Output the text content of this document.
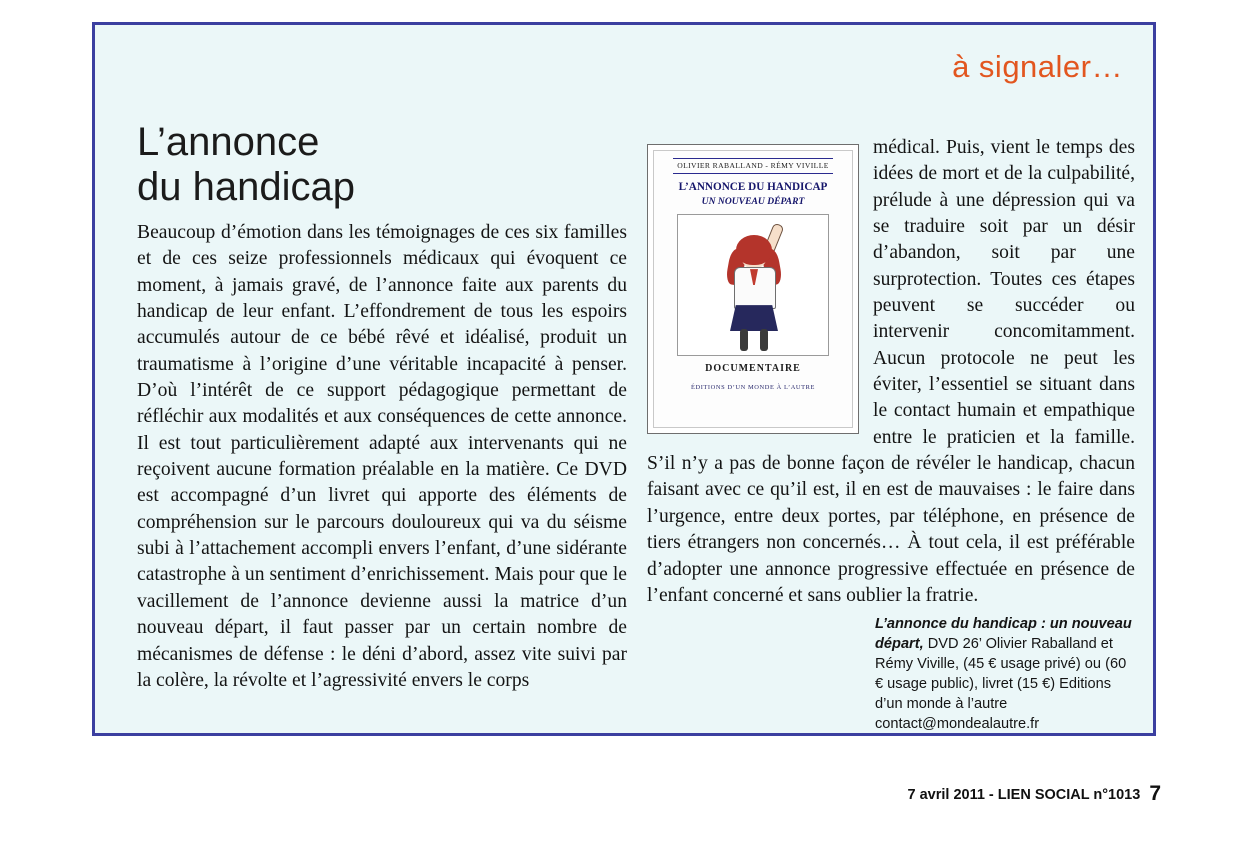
à signaler…
L’annonce
du handicap

Beaucoup d’émotion dans les témoignages de ces six familles et de ces seize professionnels médicaux qui évoquent ce moment, à jamais gravé, de l’annonce faite aux parents du handicap de leur enfant. L’effondrement de tous les espoirs accumulés autour de ce bébé rêvé et idéalisé, produit un traumatisme à l’origine d’une véritable incapacité à penser. D’où l’intérêt de ce support pédagogique permettant de réfléchir aux modalités et aux conséquences de cette annonce. Il est tout particulièrement adapté aux intervenants qui ne reçoivent aucune formation préalable en la matière. Ce DVD est accompagné d’un livret qui apporte des éléments de compréhension sur le parcours douloureux qui va du séisme subi à l’attachement accompli envers l’enfant, d’une sidérante catastrophe à un sentiment d’enrichissement. Mais pour que le vacillement de l’annonce devienne aussi la matrice d’un nouveau départ, il faut passer par un certain nombre de mécanismes de défense : le déni d’abord, assez vite suivi par la colère, la révolte et l’agressivité envers le corps

OLIVIER RABALLAND - RÉMY VIVILLE
L’ANNONCE DU HANDICAP
UN NOUVEAU DÉPART
DOCUMENTAIRE
ÉDITIONS D’UN MONDE À L’AUTRE

médical. Puis, vient le temps des idées de mort et de la culpabilité, prélude à une dépression qui va se traduire soit par un désir d’abandon, soit par une surprotection. Toutes ces étapes peuvent se succéder ou intervenir concomitamment. Aucun protocole ne peut les éviter, l’essentiel se situant dans le contact humain et empathique entre le praticien et la famille. S’il n’y a pas de bonne façon de révéler le handicap, chacun faisant avec ce qu’il est, il en est de mauvaises : le faire dans l’urgence, entre deux portes, par téléphone, en présence de tiers étrangers non concernés… À tout cela, il est préférable d’adopter une annonce progressive effectuée en présence de l’enfant concerné et sans oublier la fratrie.

L’annonce du handicap : un nouveau départ, DVD 26’ Olivier Raballand et Rémy Viville, (45 € usage privé) ou (60 € usage public), livret (15 €) Editions d’un monde à l’autre contact@mondealautre.fr
7 avril 2011 - LIEN SOCIAL n°1013 7
